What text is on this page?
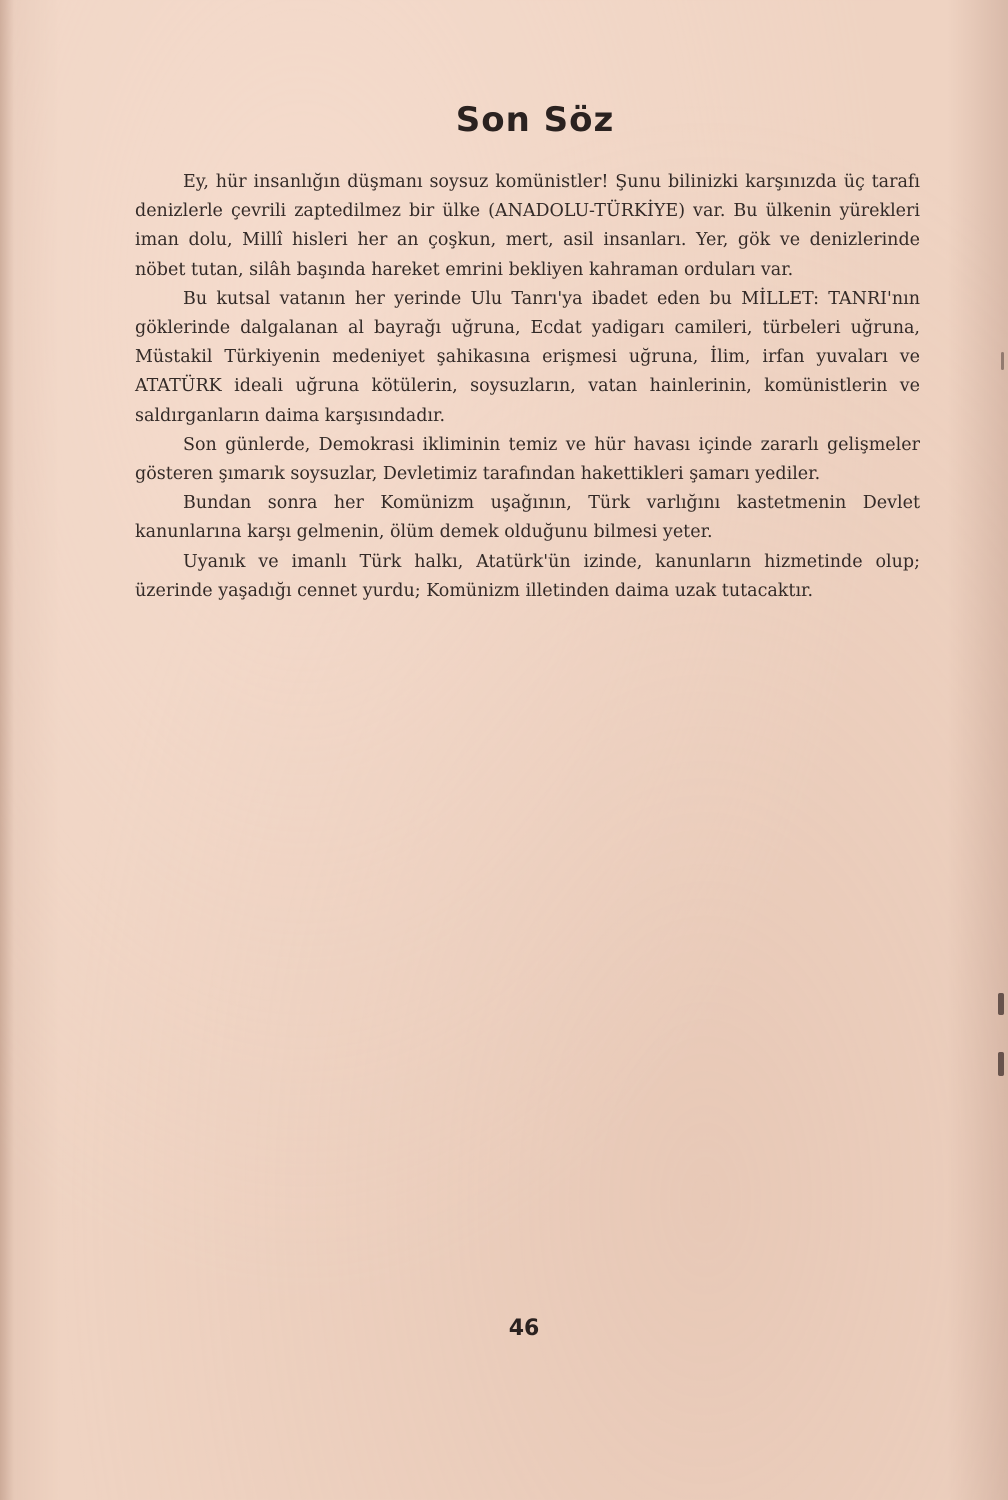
Son Söz

Ey, hür insanlığın düşmanı soysuz komünistler! Şunu bilinizki karşınızda üç tarafı denizlerle çevrili zaptedilmez bir ülke (ANADOLU-TÜRKİYE) var. Bu ülkenin yürekleri iman dolu, Millî hisleri her an çoşkun, mert, asil insanları. Yer, gök ve denizlerinde nöbet tutan, silâh başında hareket emrini bekliyen kahraman orduları var.

Bu kutsal vatanın her yerinde Ulu Tanrı'ya ibadet eden bu MİLLET: TANRI'nın göklerinde dalgalanan al bayrağı uğruna, Ecdat yadigarı camileri, türbeleri uğruna, Müstakil Türkiyenin medeniyet şahikasına erişmesi uğruna, İlim, irfan yuvaları ve ATATÜRK ideali uğruna kötülerin, soysuzların, vatan hainlerinin, komünistlerin ve saldırganların daima karşısındadır.

Son günlerde, Demokrasi ikliminin temiz ve hür havası içinde zararlı gelişmeler gösteren şımarık soysuzlar, Devletimiz tarafından hakettikleri şamarı yediler.

Bundan sonra her Komünizm uşağının, Türk varlığını kastetmenin Devlet kanunlarına karşı gelmenin, ölüm demek olduğunu bilmesi yeter.

Uyanık ve imanlı Türk halkı, Atatürk'ün izinde, kanunların hizmetinde olup; üzerinde yaşadığı cennet yurdu; Komünizm illetinden daima uzak tutacaktır.

46
